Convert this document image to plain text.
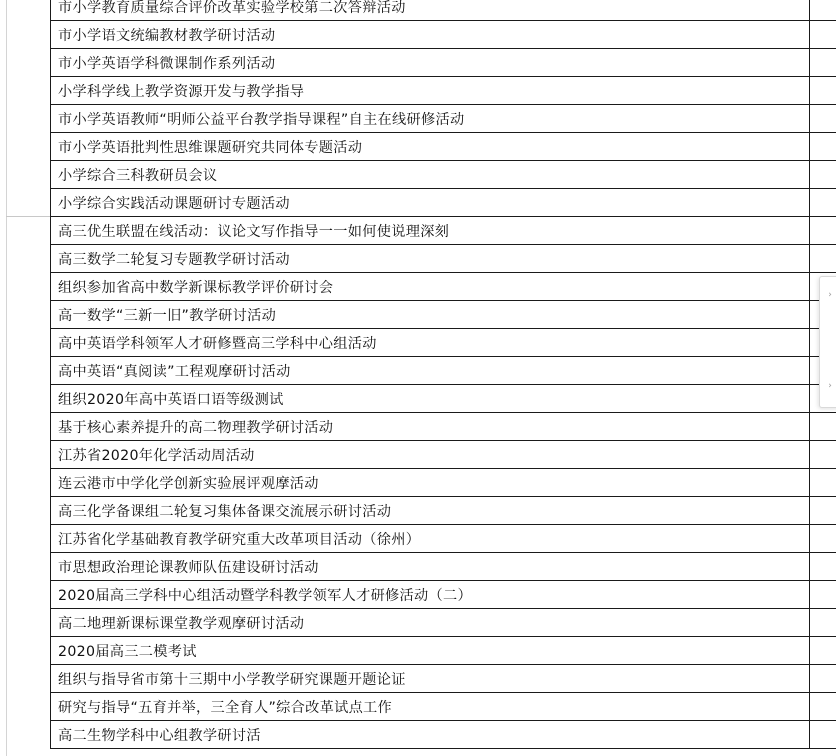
市小学教育质量综合评价改革实验学校第二次答辩活动
市小学语文统编教材教学研讨活动
市小学英语学科微课制作系列活动
小学科学线上教学资源开发与教学指导
市小学英语教师“明师公益平台教学指导课程”自主在线研修活动
市小学英语批判性思维课题研究共同体专题活动
小学综合三科教研员会议
小学综合实践活动课题研讨专题活动
高三优生联盟在线活动：议论文写作指导一一如何使说理深刻
高三数学二轮复习专题教学研讨活动
组织参加省高中数学新课标教学评价研讨会
高一数学“三新一旧”教学研讨活动
高中英语学科领军人才研修暨高三学科中心组活动
高中英语“真阅读”工程观摩研讨活动
组织2020年高中英语口语等级测试
基于核心素养提升的高二物理教学研讨活动
江苏省2020年化学活动周活动
连云港市中学化学创新实验展评观摩活动
高三化学备课组二轮复习集体备课交流展示研讨活动
江苏省化学基础教育教学研究重大改革项目活动（徐州）
市思想政治理论课教师队伍建设研讨活动
2020届高三学科中心组活动暨学科教学领军人才研修活动（二）
高二地理新课标课堂教学观摩研讨活动
2020届高三二模考试
组织与指导省市第十三期中小学教学研究课题开题论证
研究与指导“五育并举，三全育人”综合改革试点工作
高二生物学科中心组教学研讨活
›
›
